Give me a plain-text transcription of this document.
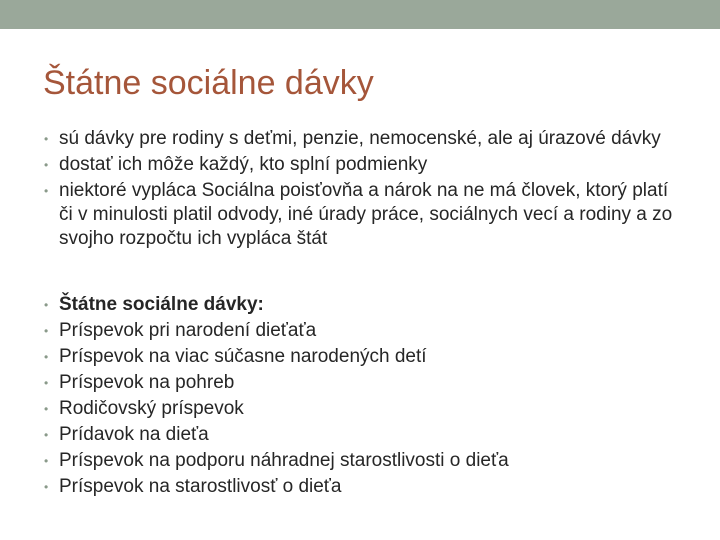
Štátne sociálne dávky
• sú dávky pre rodiny s deťmi, penzie, nemocenské, ale aj úrazové dávky
• dostať ich môže každý, kto splní podmienky
• niektoré vypláca Sociálna poisťovňa a nárok na ne má človek, ktorý platí či v minulosti platil odvody, iné úrady práce, sociálnych vecí a rodiny a zo svojho rozpočtu ich vypláca štát
• Štátne sociálne dávky:
• Príspevok pri narodení dieťaťa
• Príspevok na viac súčasne narodených detí
• Príspevok na pohreb
• Rodičovský príspevok
• Prídavok na dieťa
• Príspevok na podporu náhradnej starostlivosti o dieťa
• Príspevok na starostlivosť o dieťa
